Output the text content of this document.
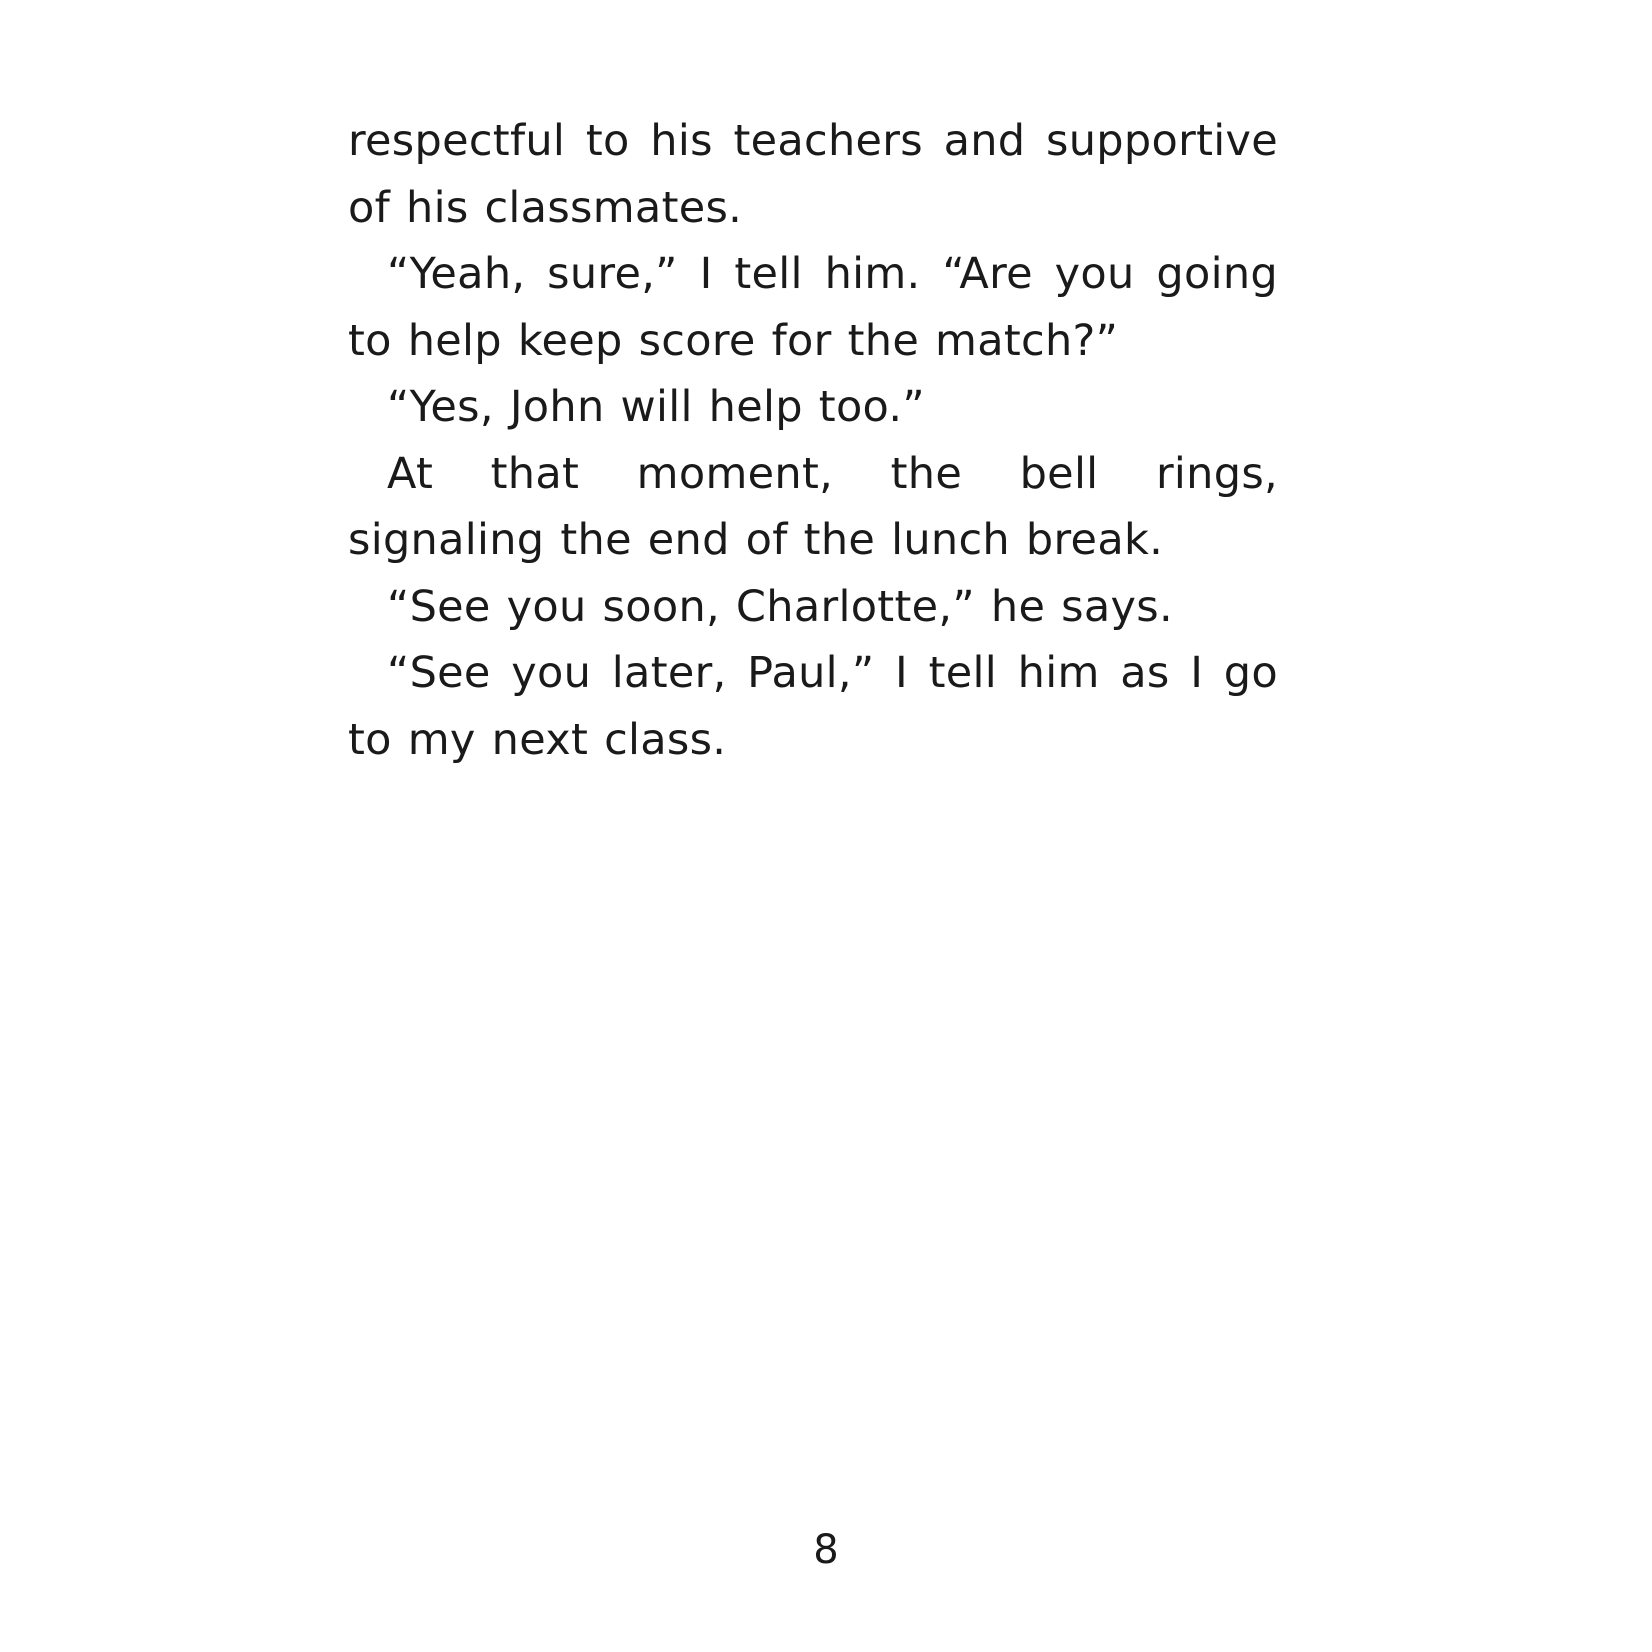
respectful to his teachers and supportive of his classmates.

“Yeah, sure,” I tell him. “Are you going to help keep score for the match?”

“Yes, John will help too.”

At that moment, the bell rings, signaling the end of the lunch break.

“See you soon, Charlotte,” he says.

“See you later, Paul,” I tell him as I go to my next class.

8
